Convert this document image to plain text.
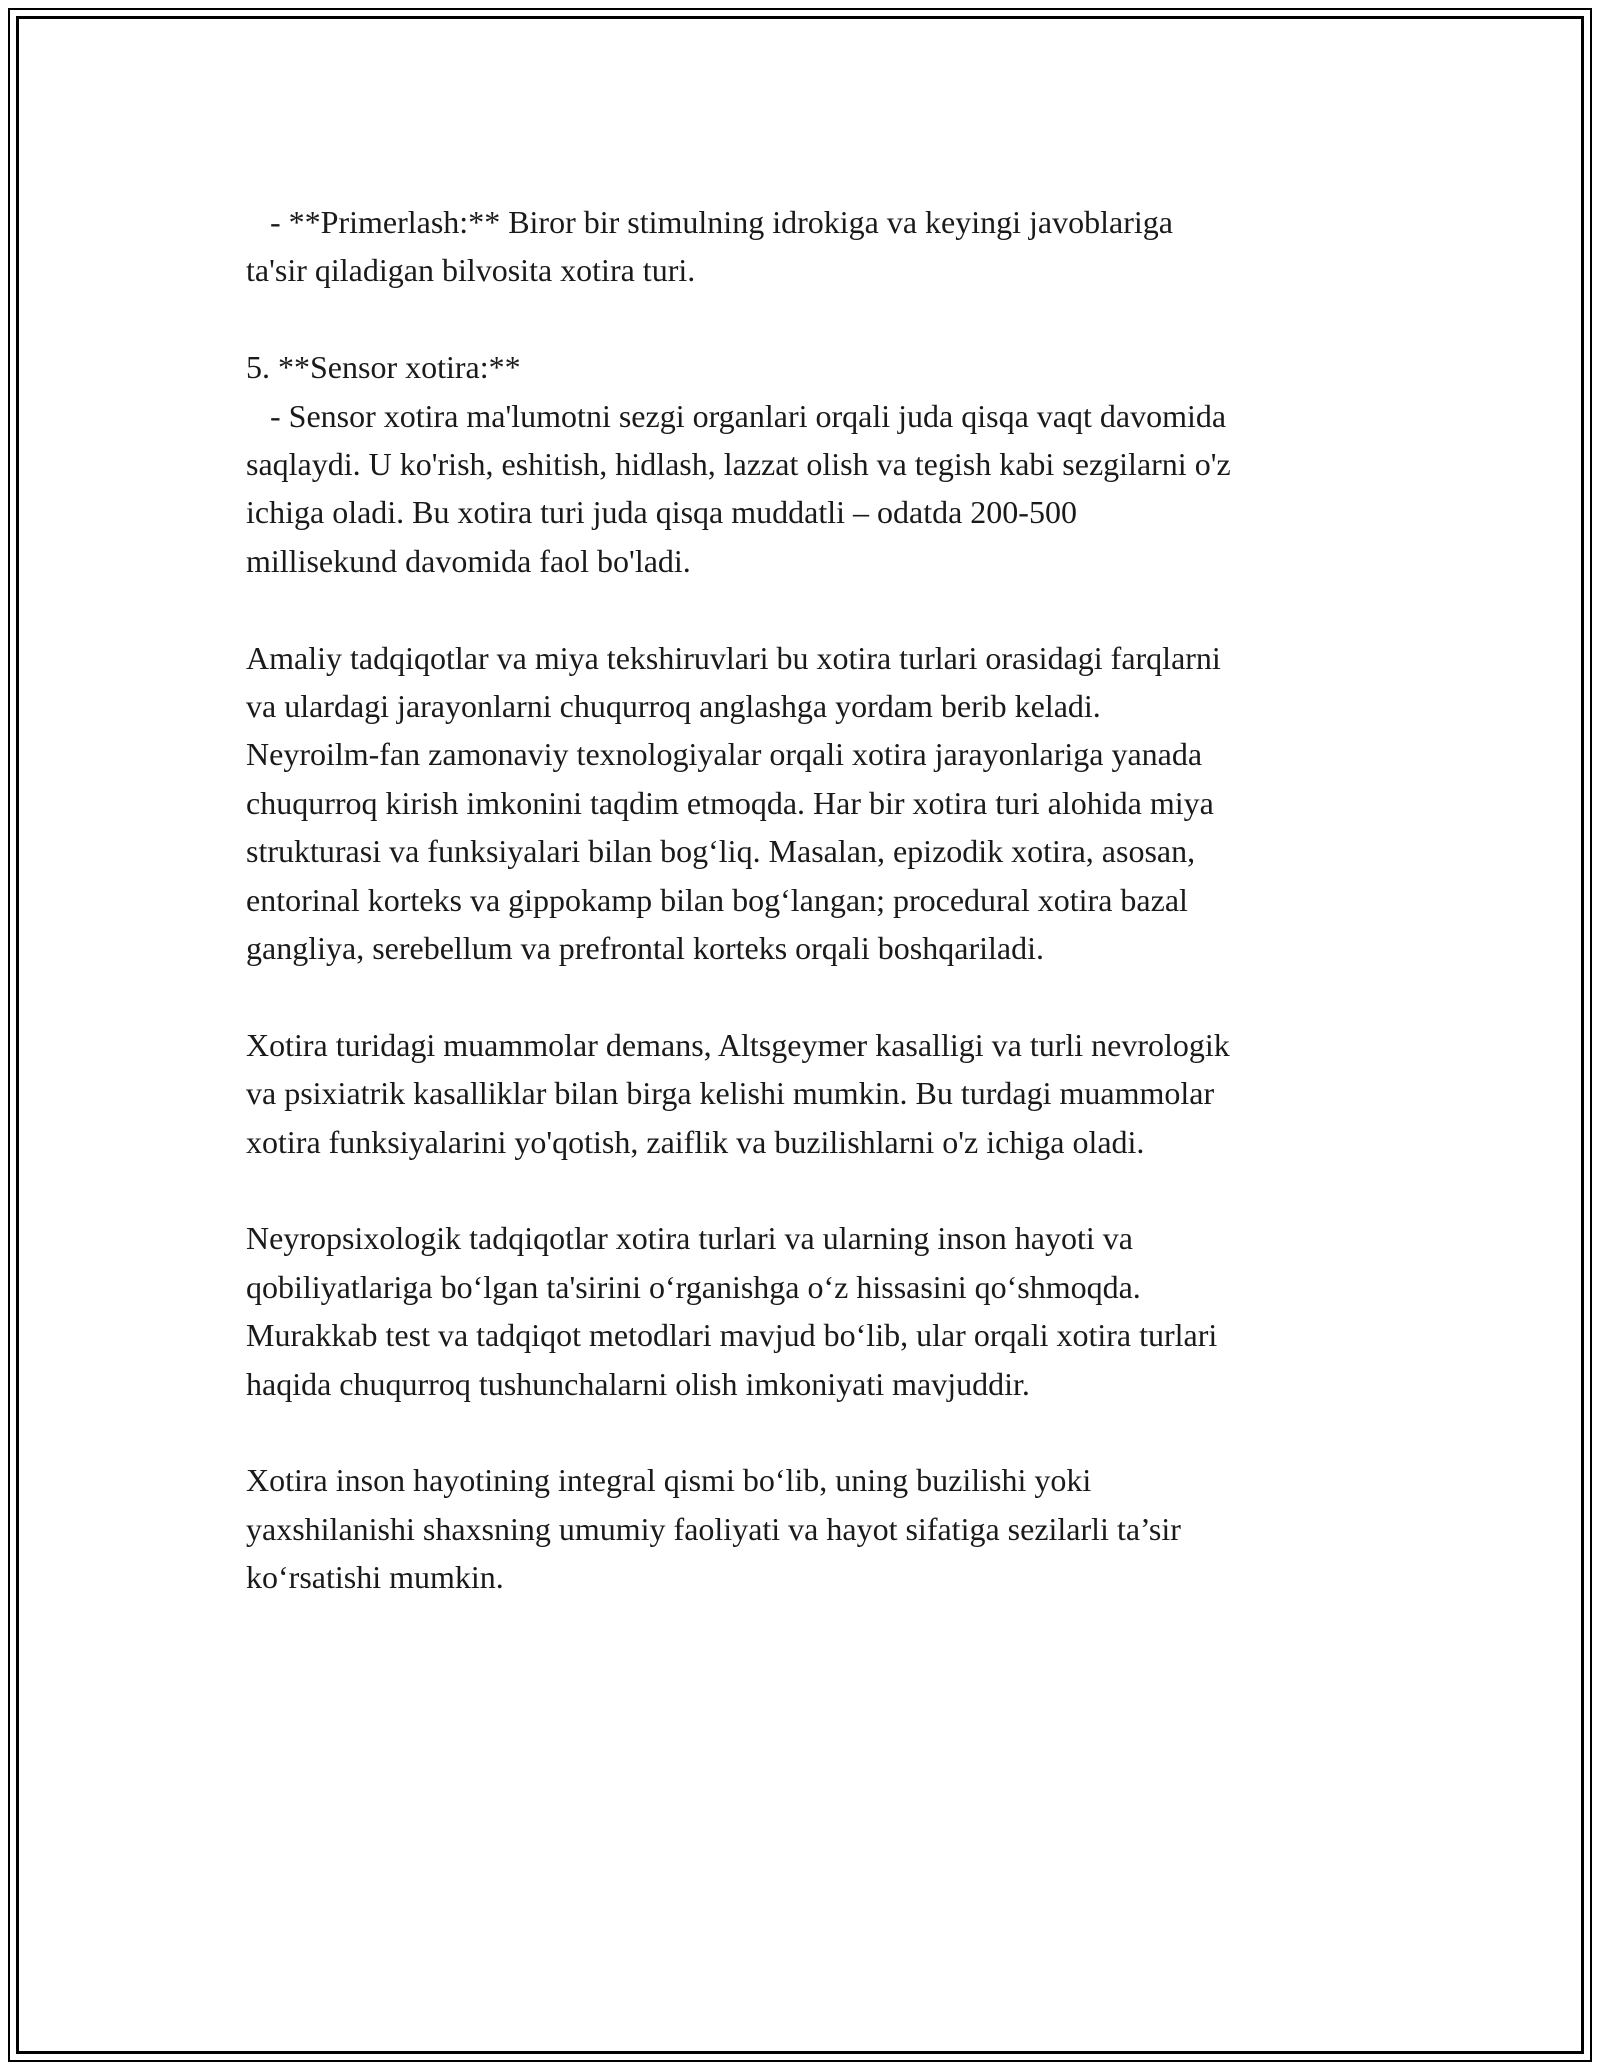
- **Primerlash:** Biror bir stimulning idrokiga va keyingi javoblariga
ta'sir qiladigan bilvosita xotira turi.

5. **Sensor xotira:**
- Sensor xotira ma'lumotni sezgi organlari orqali juda qisqa vaqt davomida
saqlaydi. U ko'rish, eshitish, hidlash, lazzat olish va tegish kabi sezgilarni o'z
ichiga oladi. Bu xotira turi juda qisqa muddatli – odatda 200-500
millisekund davomida faol bo'ladi.

Amaliy tadqiqotlar va miya tekshiruvlari bu xotira turlari orasidagi farqlarni
va ulardagi jarayonlarni chuqurroq anglashga yordam berib keladi.
Neyroilm-fan zamonaviy texnologiyalar orqali xotira jarayonlariga yanada
chuqurroq kirish imkonini taqdim etmoqda. Har bir xotira turi alohida miya
strukturasi va funksiyalari bilan bog‘liq. Masalan, epizodik xotira, asosan,
entorinal korteks va gippokamp bilan bog‘langan; procedural xotira bazal
gangliya, serebellum va prefrontal korteks orqali boshqariladi.

Xotira turidagi muammolar demans, Altsgeymer kasalligi va turli nevrologik
va psixiatrik kasalliklar bilan birga kelishi mumkin. Bu turdagi muammolar
xotira funksiyalarini yo'qotish, zaiflik va buzilishlarni o'z ichiga oladi.

Neyropsixologik tadqiqotlar xotira turlari va ularning inson hayoti va
qobiliyatlariga bo‘lgan ta'sirini o‘rganishga o‘z hissasini qo‘shmoqda.
Murakkab test va tadqiqot metodlari mavjud bo‘lib, ular orqali xotira turlari
haqida chuqurroq tushunchalarni olish imkoniyati mavjuddir.

Xotira inson hayotining integral qismi bo‘lib, uning buzilishi yoki
yaxshilanishi shaxsning umumiy faoliyati va hayot sifatiga sezilarli ta’sir
ko‘rsatishi mumkin.
